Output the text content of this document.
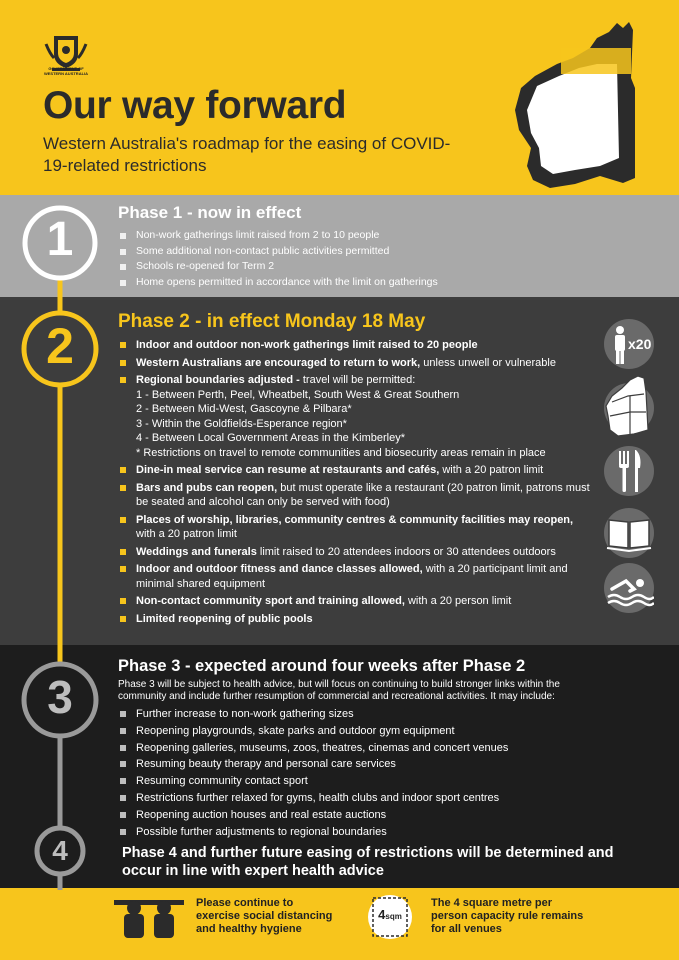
GOVERNMENT OF WESTERN AUSTRALIA
Our way forward
Western Australia's roadmap for the easing of COVID-19-related restrictions
1
2
3
4
Phase 1 - now in effect
Non-work gatherings limit raised from 2 to 10 people
Some additional non-contact public activities permitted
Schools re-opened for Term 2
Home opens permitted in accordance with the limit on gatherings
Phase 2 - in effect Monday 18 May
Indoor and outdoor non-work gatherings limit raised to 20 people
Western Australians are encouraged to return to work, unless unwell or vulnerable
Regional boundaries adjusted - travel will be permitted:
1 - Between Perth, Peel, Wheatbelt, South West & Great Southern
2 - Between Mid-West, Gascoyne & Pilbara*
3 - Within the Goldfields-Esperance region*
4 - Between Local Government Areas in the Kimberley*
* Restrictions on travel to remote communities and biosecurity areas remain in place
Dine-in meal service can resume at restaurants and cafés, with a 20 patron limit
Bars and pubs can reopen, but must operate like a restaurant (20 patron limit, patrons must be seated and alcohol can only be served with food)
Places of worship, libraries, community centres & community facilities may reopen, with a 20 patron limit
Weddings and funerals limit raised to 20 attendees indoors or 30 attendees outdoors
Indoor and outdoor fitness and dance classes allowed, with a 20 participant limit and minimal shared equipment
Non-contact community sport and training allowed, with a 20 person limit
Limited reopening of public pools
x20
Phase 3 - expected around four weeks after Phase 2
Phase 3 will be subject to health advice, but will focus on continuing to build stronger links within the community and include further resumption of commercial and recreational activities. It may include:
Further increase to non-work gathering sizes
Reopening playgrounds, skate parks and outdoor gym equipment
Reopening galleries, museums, zoos, theatres, cinemas and concert venues
Resuming beauty therapy and personal care services
Resuming community contact sport
Restrictions further relaxed for gyms, health clubs and indoor sport centres
Reopening auction houses and real estate auctions
Possible further adjustments to regional boundaries
Phase 4 and further future easing of restrictions will be determined and occur in line with expert health advice
Please continue to exercise social distancing and healthy hygiene
4sqm
The 4 square metre per person capacity rule remains for all venues
